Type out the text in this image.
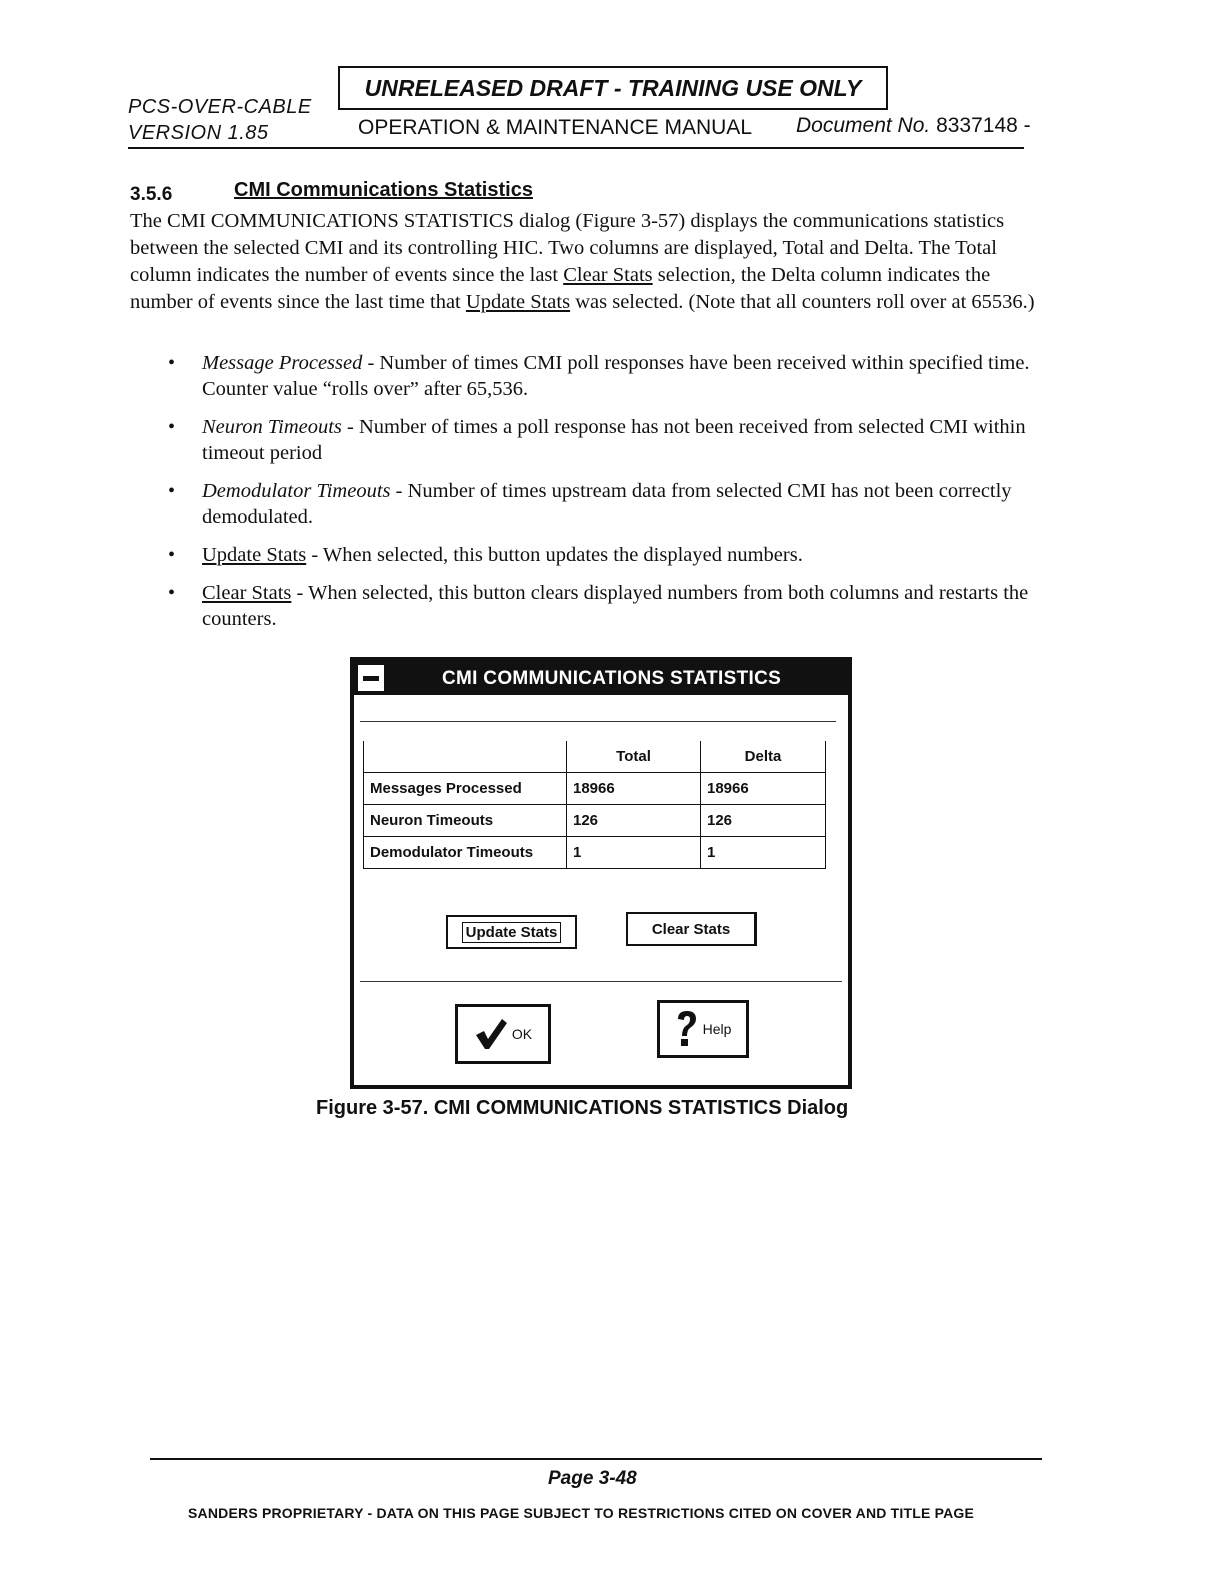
PCS-OVER-CABLE
VERSION 1.85
UNRELEASED DRAFT - TRAINING USE ONLY
OPERATION & MAINTENANCE MANUAL Document No. 8337148 -
3.5.6	CMI Communications Statistics
The CMI COMMUNICATIONS STATISTICS dialog (Figure 3-57) displays the communications statistics between the selected CMI and its controlling HIC. Two columns are displayed, Total and Delta. The Total column indicates the number of events since the last Clear Stats selection, the Delta column indicates the number of events since the last time that Update Stats was selected. (Note that all counters roll over at 65536.)
• Message Processed - Number of times CMI poll responses have been received within specified time. Counter value “rolls over” after 65,536.
• Neuron Timeouts - Number of times a poll response has not been received from selected CMI within timeout period
• Demodulator Timeouts - Number of times upstream data from selected CMI has not been correctly demodulated.
• Update Stats - When selected, this button updates the displayed numbers.
• Clear Stats - When selected, this button clears displayed numbers from both columns and restarts the counters.
CMI COMMUNICATIONS STATISTICS
	Total	Delta
Messages Processed	18966	18966
Neuron Timeouts	126	126
Demodulator Timeouts	1	1
Update Stats	Clear Stats
OK	Help
Figure 3-57. CMI COMMUNICATIONS STATISTICS Dialog
Page 3-48
SANDERS PROPRIETARY - DATA ON THIS PAGE SUBJECT TO RESTRICTIONS CITED ON COVER AND TITLE PAGE
